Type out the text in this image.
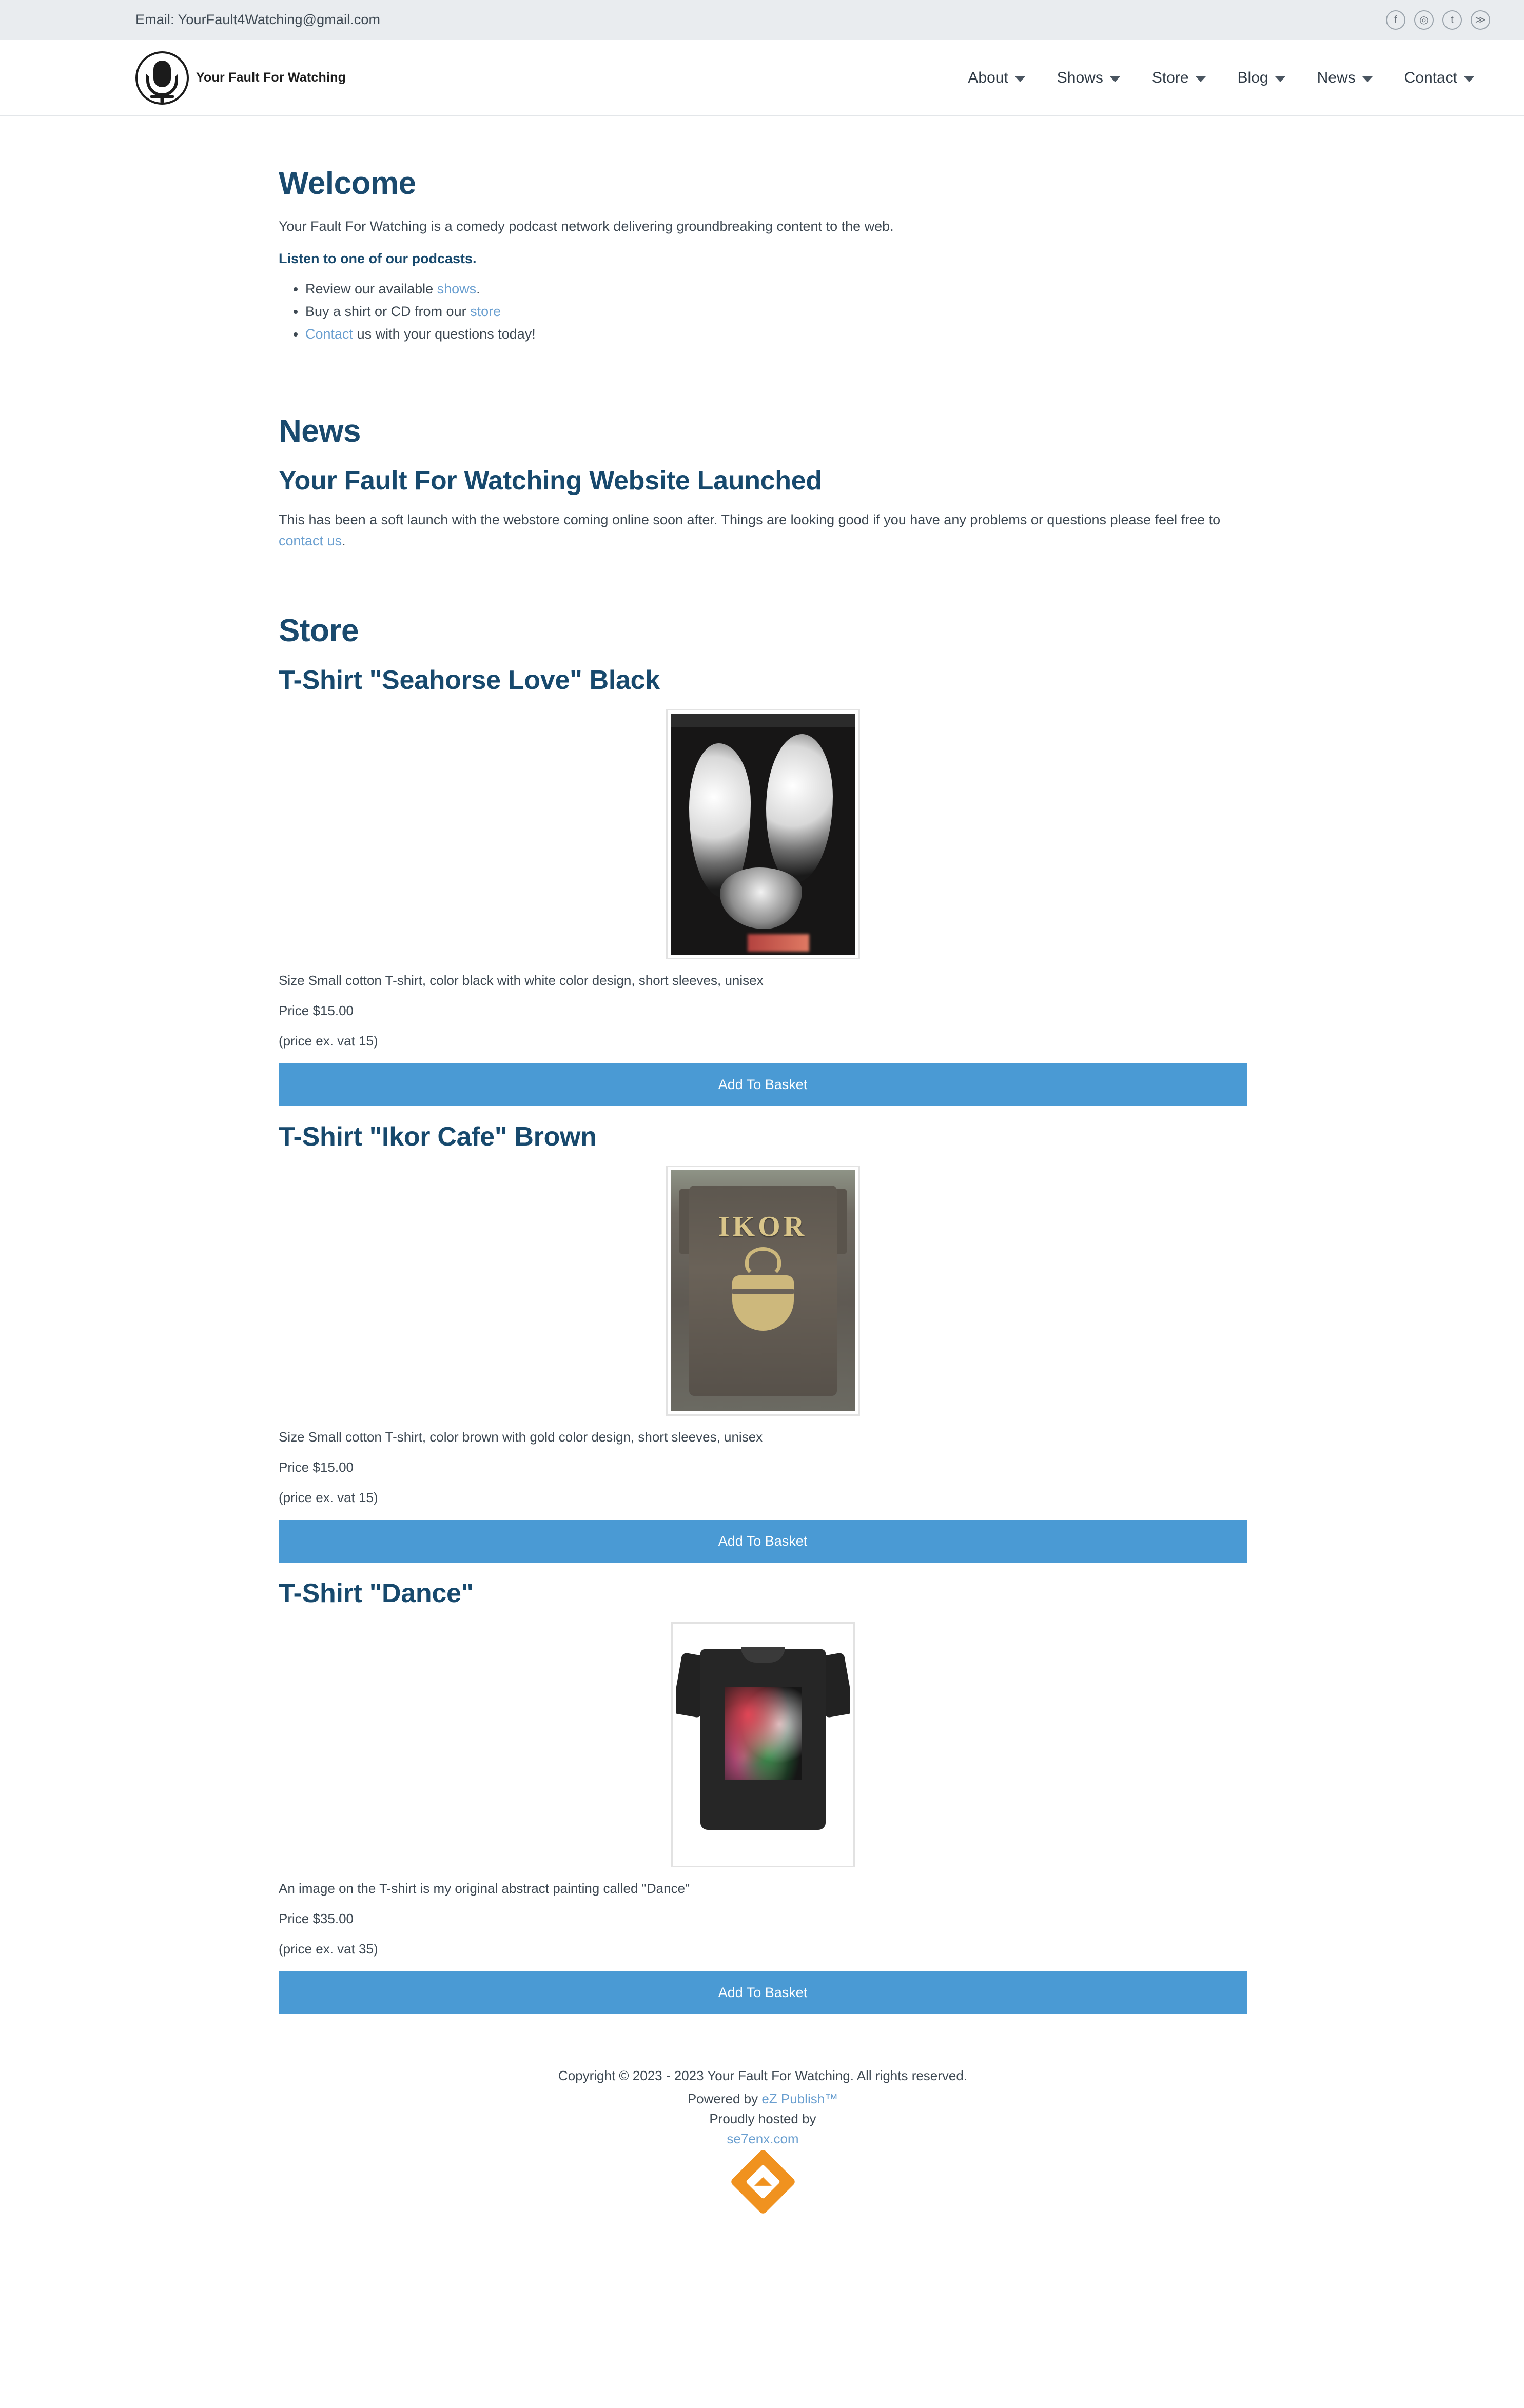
Email: YourFault4Watching@gmail.com	f	◎	t	≫
Your Fault For Watching	About	Shows	Store	Blog	News	Contact
Welcome

Your Fault For Watching is a comedy podcast network delivering groundbreaking content to the web.

Listen to one of our podcasts.

• Review our available shows.
• Buy a shirt or CD from our store
• Contact us with your questions today!
News
Your Fault For Watching Website Launched

This has been a soft launch with the webstore coming online soon after. Things are looking good if you have any problems or questions please feel free to contact us.

Store
T-Shirt "Seahorse Love" Black

Size Small cotton T-shirt, color black with white color design, short sleeves, unisex

Price $15.00

(price ex. vat 15)

Add To Basket
T-Shirt "Ikor Cafe" Brown
IKOR

Size Small cotton T-shirt, color brown with gold color design, short sleeves, unisex

Price $15.00

(price ex. vat 15)

Add To Basket
T-Shirt "Dance"

An image on the T-shirt is my original abstract painting called "Dance"

Price $35.00

(price ex. vat 35)

Add To Basket

Copyright © 2023 - 2023 Your Fault For Watching. All rights reserved.

Powered by eZ Publish™

Proudly hosted by

se7enx.com
